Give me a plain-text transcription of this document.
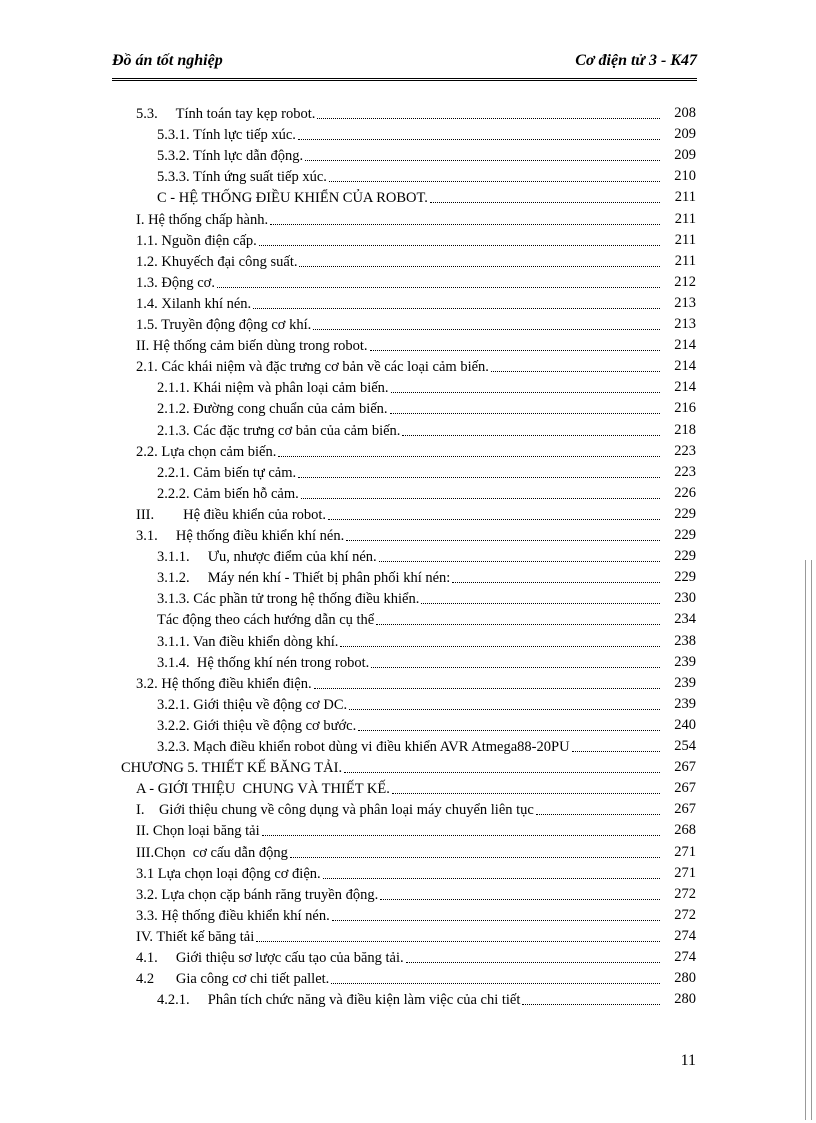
Đồ án tốt nghiệp	Cơ điện tử 3 - K47
5.3.     Tính toán tay kẹp robot.	208
5.3.1. Tính lực tiếp xúc.	209
5.3.2. Tính lực dẫn động.	209
5.3.3. Tính ứng suất tiếp xúc.	210
C - HỆ THỐNG ĐIỀU KHIỂN CỦA ROBOT.	211
I. Hệ thống chấp hành.	211
1.1. Nguồn điện cấp.	211
1.2. Khuyếch đại công suất.	211
1.3. Động cơ.	212
1.4. Xilanh khí nén.	213
1.5. Truyền động động cơ khí.	213
II. Hệ thống cảm biến dùng trong robot.	214
2.1. Các khái niệm và đặc trưng cơ bản về các loại cảm biến.	214
2.1.1. Khái niệm và phân loại cảm biến.	214
2.1.2. Đường cong chuẩn của cảm biến.	216
2.1.3. Các đặc trưng cơ bản của cảm biến.	218
2.2. Lựa chọn cảm biến.	223
2.2.1. Cảm biến tự cảm.	223
2.2.2. Cảm biến hỗ cảm.	226
III.        Hệ điều khiển của robot.	229
3.1.     Hệ thống điều khiển khí nén.	229
3.1.1.     Ưu, nhược điểm của khí nén.	229
3.1.2.     Máy nén khí - Thiết bị phân phối khí nén:	229
3.1.3. Các phần tử trong hệ thống điều khiển.	230
Tác động theo cách hướng dẫn cụ thể	234
3.1.1. Van điều khiển dòng khí.	238
3.1.4.  Hệ thống khí nén trong robot.	239
3.2. Hệ thống điều khiển điện.	239
3.2.1. Giới thiệu về động cơ DC.	239
3.2.2. Giới thiệu về động cơ bước.	240
3.2.3. Mạch điều khiển robot dùng vi điều khiển AVR Atmega88-20PU	254
CHƯƠNG 5. THIẾT KẾ BĂNG TẢI.	267
A - GIỚI THIỆU  CHUNG VÀ THIẾT KẾ.	267
I.    Giới thiệu chung về công dụng và phân loại máy chuyển liên tục	267
II. Chọn loại băng tải	268
III.Chọn  cơ cấu dẫn động	271
3.1 Lựa chọn loại động cơ điện.	271
3.2. Lựa chọn cặp bánh răng truyền động.	272
3.3. Hệ thống điều khiển khí nén.	272
IV. Thiết kế băng tải	274
4.1.     Giới thiệu sơ lược cấu tạo của băng tải.	274
4.2      Gia công cơ chi tiết pallet.	280
4.2.1.     Phân tích chức năng và điều kiện làm việc của chi tiết	280
11
